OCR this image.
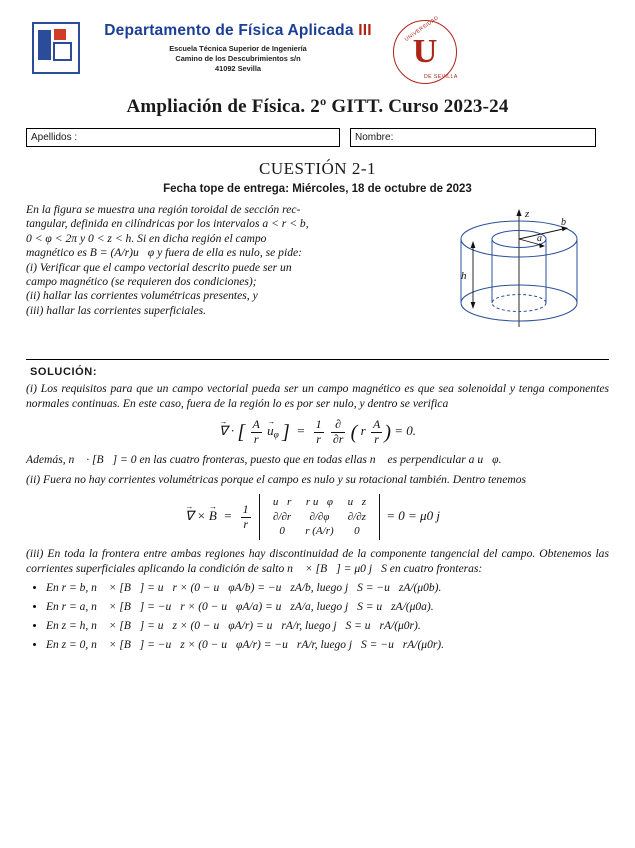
Departamento de Física Aplicada III
Escuela Técnica Superior de Ingeniería
Camino de los Descubrimientos s/n
41092 Sevilla	U
UNIVERSIDAD
DE SEVILLA
Ampliación de Física. 2º GITT. Curso 2023-24
Apellidos :	Nombre:
CUESTIÓN 2-1
Fecha tope de entrega: Miércoles, 18 de octubre de 2023

En la figura se muestra una región toroidal de sección rec-

tangular, definida en cilíndricas por los intervalos a < r < b,

0 < φ < 2π y 0 < z < h. Si en dicha región el campo

magnético es B = (A/r)u⃗φ y fuera de ella es nulo, se pide:

(i) Verificar que el campo vectorial descrito puede ser un

campo magnético (se requieren dos condiciones);

(ii) hallar las corrientes volumétricas presentes, y

(iii) hallar las corrientes superficiales.

z
a
b
h
SOLUCIÓN:

(i) Los requisitos para que un campo vectorial pueda ser un campo magnético es que sea solenoidal y tenga componentes normales continuas. En este caso, fuera de la región lo es por ser nulo, y dentro se verifica

∇ → · [ $\frac{A}{r}$ $u \to_\varphi$ ]  = $\frac{1}{r}$
$\frac{\partial}{\partial r}$ ( r $\frac{A}{r}$ ) = 0.

Además, n⃗ · [B⃗] = 0 en las cuatro fronteras, puesto que en todas ellas n⃗ es perpendicular a u⃗φ.

(ii) Fuera no hay corrientes volumétricas porque el campo es nulo y su rotacional también. Dentro tenemos

∇ → × B →  = $\frac{1}{r}$

u⃗r	r u⃗φ	u⃗z
∂/∂r	∂/∂φ	∂/∂z
0	r (A/r)	0
= 0 = μ0 j⃗

(iii) En toda la frontera entre ambas regiones hay discontinuidad de la componente tangencial del campo. Obtenemos las corrientes superficiales aplicando la condición de salto n⃗ × [B⃗] = μ0 j⃗S en cuatro fronteras:

• En r = b, n⃗ × [B⃗] = u⃗r × (0 − u⃗φA/b) = −u⃗zA/b, luego j⃗S = −u⃗zA/(μ0b).
• En r = a, n⃗ × [B⃗] = −u⃗r × (0 − u⃗φA/a) = u⃗zA/a, luego j⃗S = u⃗zA/(μ0a).
• En z = h, n⃗ × [B⃗] = u⃗z × (0 − u⃗φA/r) = u⃗rA/r, luego j⃗S = u⃗rA/(μ0r).
• En z = 0, n⃗ × [B⃗] = −u⃗z × (0 − u⃗φA/r) = −u⃗rA/r, luego j⃗S = −u⃗rA/(μ0r).
